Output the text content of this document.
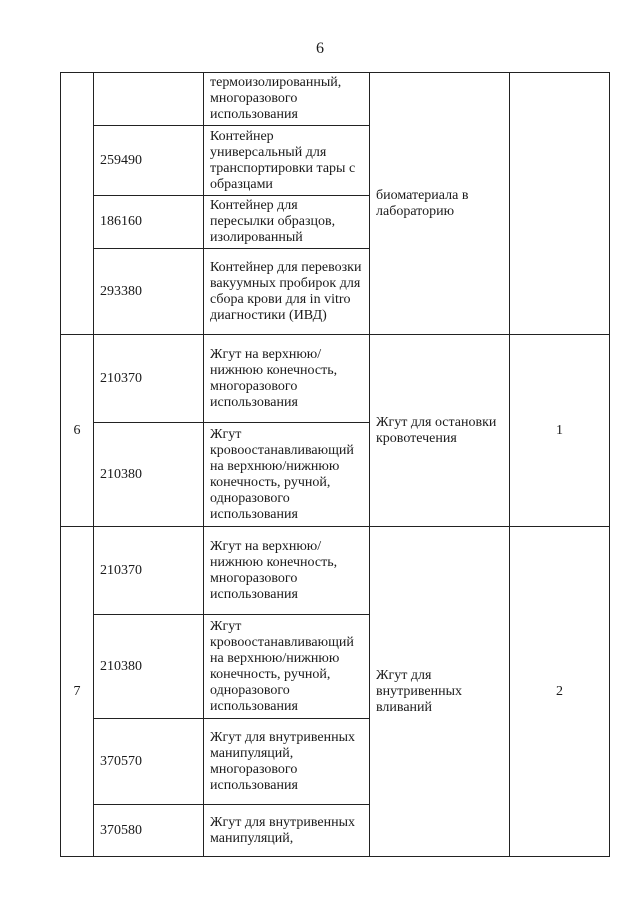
6
		термоизолированный, многоразового использования	биоматериала в лабораторию	
	259490	Контейнер универсальный для транспортировки тары с образцами		
	186160	Контейнер для пересылки образцов, изолированный		
	293380	Контейнер для перевозки вакуумных пробирок для сбора крови для in vitro диагностики (ИВД)		
6	210370	Жгут на верхнюю/нижнюю конечность, многоразового использования	Жгут для остановки кровотечения	1
	210380	Жгут кровоостанавливающий на верхнюю/нижнюю конечность, ручной, одноразового использования		
7	210370	Жгут на верхнюю/нижнюю конечность, многоразового использования	Жгут для внутривенных вливаний	2
	210380	Жгут кровоостанавливающий на верхнюю/нижнюю конечность, ручной, одноразового использования		
	370570	Жгут для внутривенных манипуляций, многоразового использования		
	370580	Жгут для внутривенных манипуляций,		
